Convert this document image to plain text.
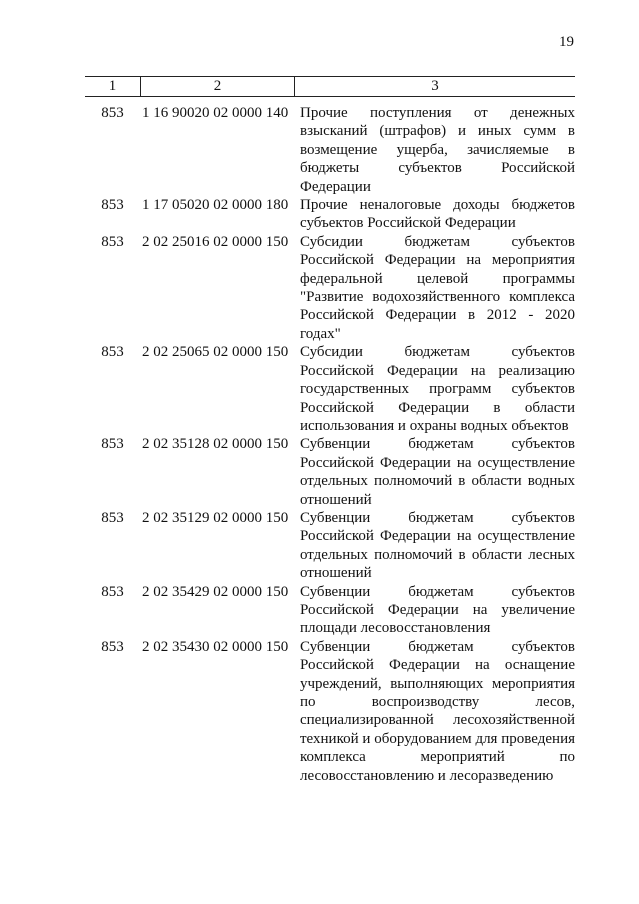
19
1	2	3
853	1 16 90020 02 0000 140 Прочие поступления от денежных взысканий (штрафов) и иных сумм в возмещение ущерба, зачисляемые в бюджеты субъектов Российской Федерации
853	1 17 05020 02 0000 180 Прочие неналоговые доходы бюджетов субъектов Российской Федерации
853	2 02 25016 02 0000 150 Субсидии бюджетам субъектов Российской Федерации на мероприятия федеральной целевой программы "Развитие водохозяйственного комплекса Российской Федерации в 2012 - 2020 годах"
853	2 02 25065 02 0000 150 Субсидии бюджетам субъектов Российской Федерации на реализацию государственных программ субъектов Российской Федерации в области использования и охраны водных объектов
853	2 02 35128 02 0000 150 Субвенции бюджетам субъектов Российской Федерации на осуществление отдельных полномочий в области водных отношений
853	2 02 35129 02 0000 150 Субвенции бюджетам субъектов Российской Федерации на осуществление отдельных полномочий в области лесных отношений
853	2 02 35429 02 0000 150 Субвенции бюджетам субъектов Российской Федерации на увеличение площади лесовосстановления
853	2 02 35430 02 0000 150 Субвенции бюджетам субъектов Российской Федерации на оснащение учреждений, выполняющих мероприятия по воспроизводству лесов, специализированной лесохозяйственной техникой и оборудованием для проведения комплекса мероприятий по лесовосстановлению и лесоразведению
